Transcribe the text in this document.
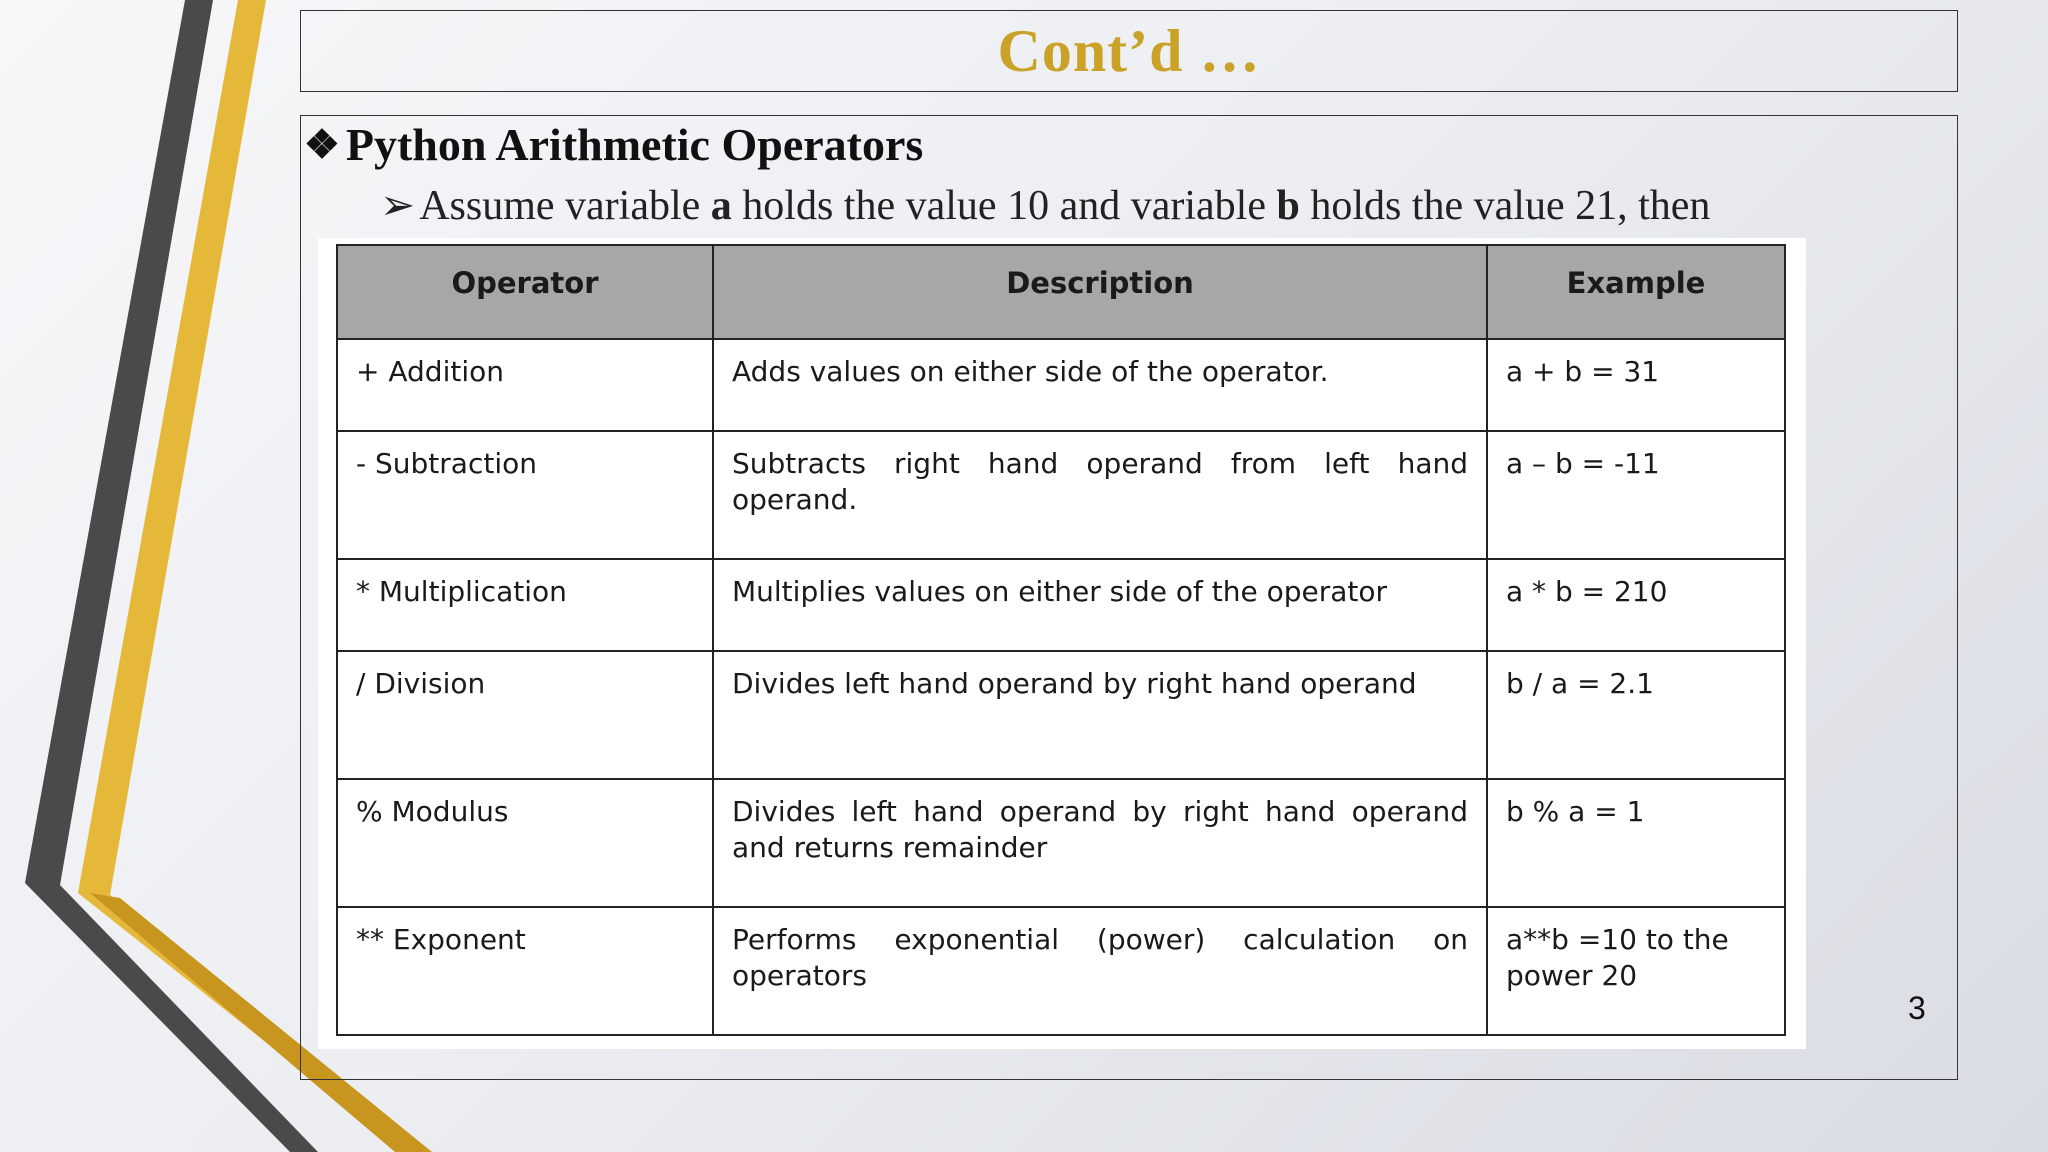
Cont’d …
❖ Python Arithmetic Operators
➢Assume variable a holds the value 10 and variable b holds the value 21, then
Operator	Description	Example
+ Addition	Adds values on either side of the operator.	a + b = 31
- Subtraction	Subtracts right hand operand from left hand operand.	a – b = -11
* Multiplication	Multiplies values on either side of the operator	a * b = 210
/ Division	Divides left hand operand by right hand operand	b / a = 2.1
% Modulus	Divides left hand operand by right hand operand and returns remainder	b % a = 1
** Exponent	Performs exponential (power) calculation on operators	a**b =10 to the power 20
3
